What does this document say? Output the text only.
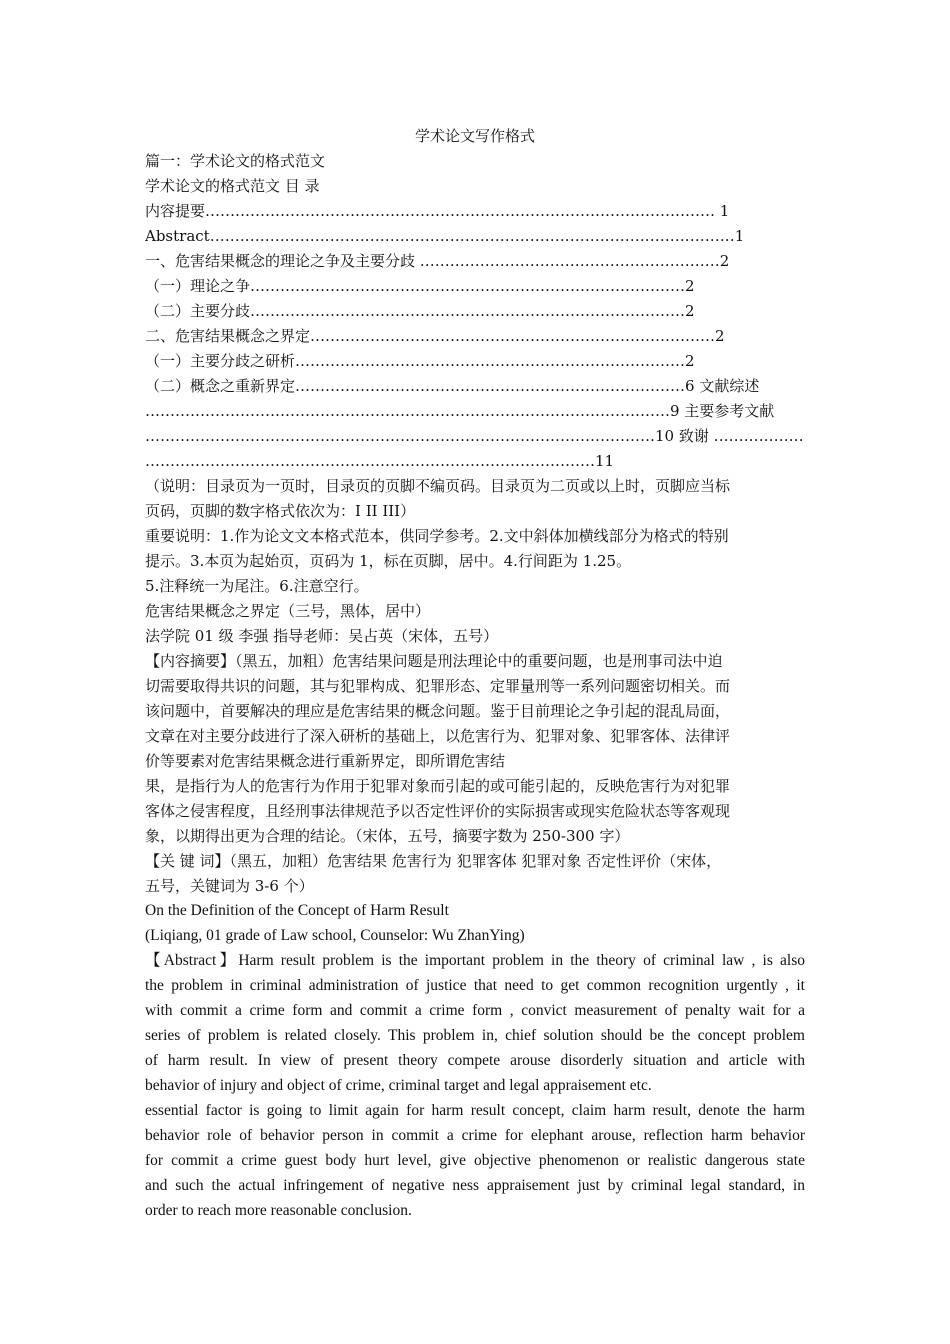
学术论文写作格式
篇一：学术论文的格式范文
学术论文的格式范文 目 录
内容提要………………………………………………………………………………………… 1
Abstract……………………………………………………………………………………………1
一、危害结果概念的理论之争及主要分歧 ……………………………………………………2
（一）理论之争……………………………………………………………………………2
（二）主要分歧……………………………………………………………………………2
二、危害结果概念之界定………………………………………………………………………2
（一）主要分歧之研析……………………………………………………………………2
（二）概念之重新界定……………………………………………………………………6 文献综述
……………………………………………………………………………………………9 主要参考文献
…………………………………………………………………………………………10 致谢 ………………
………………………………………………………………………………11
（说明：目录页为一页时，目录页的页脚不编页码。目录页为二页或以上时，页脚应当标
页码，页脚的数字格式依次为：I II III）
重要说明：1.作为论文文本格式范本，供同学参考。2.文中斜体加横线部分为格式的特别
提示。3.本页为起始页，页码为 1，标在页脚，居中。4.行间距为 1.25。
5.注释统一为尾注。6.注意空行。
危害结果概念之界定（三号，黑体，居中）
法学院 01 级 李强 指导老师：吴占英（宋体，五号）
【内容摘要】（黑五，加粗）危害结果问题是刑法理论中的重要问题，也是刑事司法中迫
切需要取得共识的问题，其与犯罪构成、犯罪形态、定罪量刑等一系列问题密切相关。而
该问题中，首要解决的理应是危害结果的概念问题。鉴于目前理论之争引起的混乱局面，
文章在对主要分歧进行了深入研析的基础上，以危害行为、犯罪对象、犯罪客体、法律评
价等要素对危害结果概念进行重新界定，即所谓危害结
果，是指行为人的危害行为作用于犯罪对象而引起的或可能引起的，反映危害行为对犯罪
客体之侵害程度，且经刑事法律规范予以否定性评价的实际损害或现实危险状态等客观现
象，以期得出更为合理的结论。（宋体，五号，摘要字数为 250-300 字）
【关 键 词】（黑五，加粗）危害结果 危害行为 犯罪客体 犯罪对象 否定性评价（宋体，
五号，关键词为 3-6 个）
On the Definition of the Concept of Harm Result
(Liqiang, 01 grade of Law school, Counselor: Wu ZhanYing)
【Abstract】Harm result problem is the important problem in the theory of criminal law , is also
the problem in criminal administration of justice that need to get common recognition urgently , it
with commit a crime form and commit a crime form , convict measurement of penalty wait for a
series of problem is related closely. This problem in, chief solution should be the concept problem
of harm result. In view of present theory compete arouse disorderly situation and article with
behavior of injury and object of crime, criminal target and legal appraisement etc.
essential factor is going to limit again for harm result concept, claim harm result, denote the harm
behavior role of behavior person in commit a crime for elephant arouse, reflection harm behavior
for commit a crime guest body hurt level, give objective phenomenon or realistic dangerous state
and such the actual infringement of negative ness appraisement just by criminal legal standard, in
order to reach more reasonable conclusion.
